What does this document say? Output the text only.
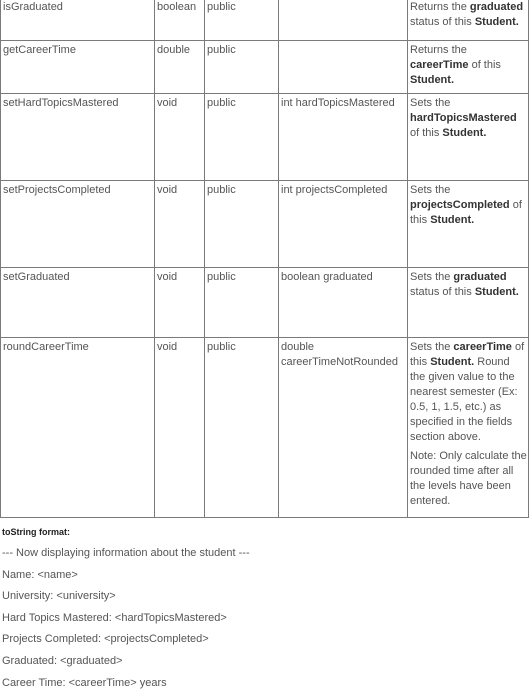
isGraduated	boolean	public		Returns the graduated status of this Student.

getCareerTime	double	public		Returns the careerTime of this Student.

setHardTopicsMastered	void	public	int hardTopicsMastered	Sets the hardTopicsMastered of this Student.

setProjectsCompleted	void	public	int projectsCompleted	Sets the projectsCompleted of this Student.

setGraduated	void	public	boolean graduated	Sets the graduated status of this Student.

roundCareerTime	void	public	double careerTimeNotRounded	Sets the careerTime of this Student. Round the given value to the nearest semester (Ex: 0.5, 1, 1.5, etc.) as specified in the fields section above.

Note: Only calculate the rounded time after all the levels have been entered.

toString format:
--- Now displaying information about the student ---
Name: <name>
University: <university>
Hard Topics Mastered: <hardTopicsMastered>
Projects Completed: <projectsCompleted>
Graduated: <graduated>
Career Time: <careerTime> years
